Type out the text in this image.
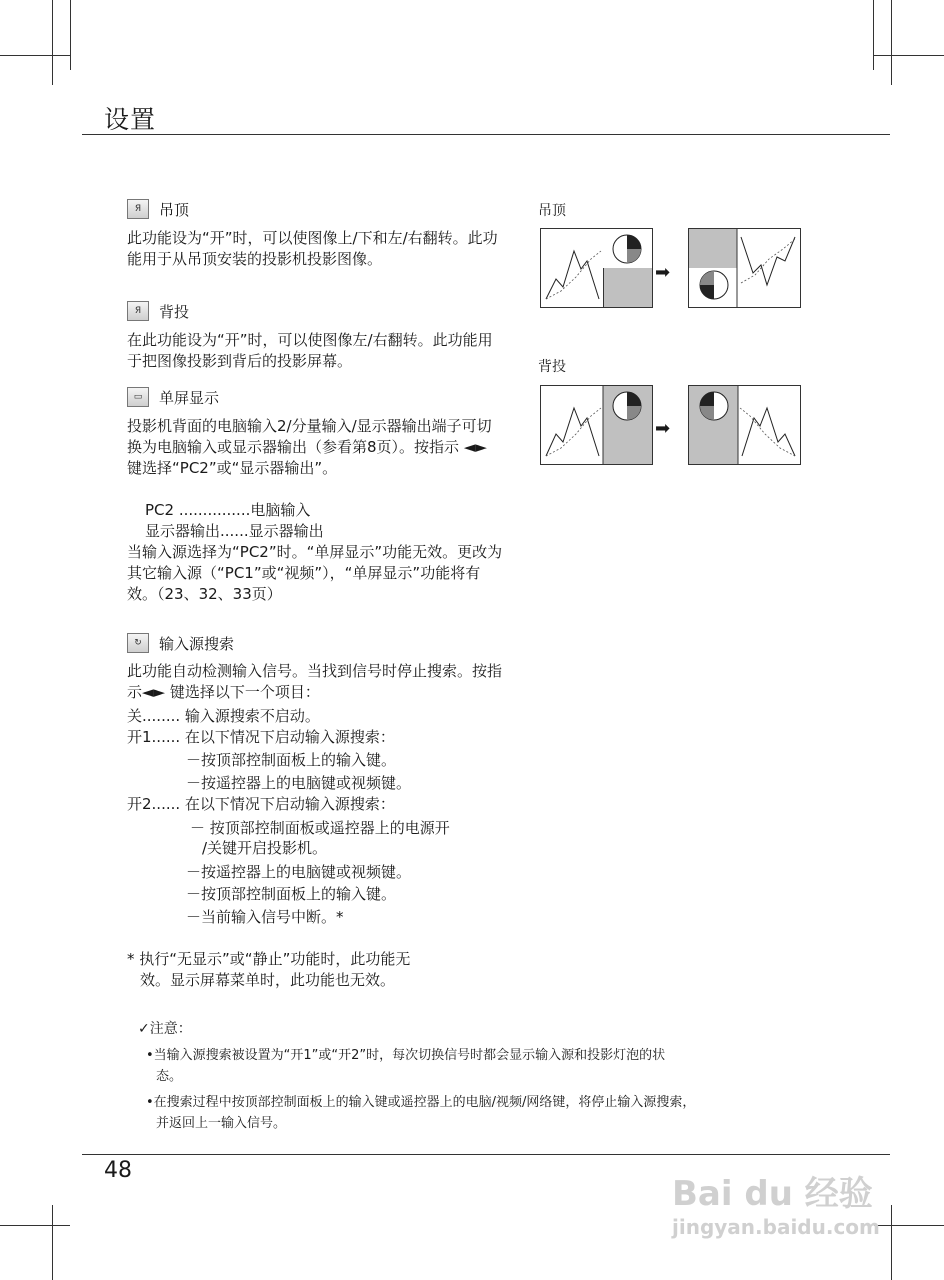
设置
Я	吊顶

此功能设为“开”时，可以使图像上/下和左/右翻转。此功能用于从吊顶安装的投影机投影图像。

Я	背投

在此功能设为“开”时，可以使图像左/右翻转。此功能用于把图像投影到背后的投影屏幕。

▭	单屏显示

投影机背面的电脑输入2/分量输入/显示器输出端子可切换为电脑输入或显示器输出（参看第8页）。按指示 ◄► 键选择“PC2”或“显示器输出”。

PC2 ...............电脑输入
显示器输出......显示器输出

当输入源选择为“PC2”时。“单屏显示”功能无效。更改为其它输入源（“PC1”或“视频”），“单屏显示”功能将有效。（23、32、33页）

↻	输入源搜索

此功能自动检测输入信号。当找到信号时停止搜索。按指示◄► 键选择以下一个项目：

关........ 输入源搜索不启动。
开1...... 在以下情况下启动输入源搜索：
－按顶部控制面板上的输入键。
－按遥控器上的电脑键或视频键。
开2...... 在以下情况下启动输入源搜索：
－ 按顶部控制面板或遥控器上的电源开
/关键开启投影机。
－按遥控器上的电脑键或视频键。
－按顶部控制面板上的输入键。
－当前输入信号中断。*
* 执行“无显示”或“静止”功能时，此功能无
效。显示屏幕菜单时，此功能也无效。
吊顶
背投
➡
➡
✓注意：
•当输入源搜索被设置为“开1”或“开2”时，每次切换信号时都会显示输入源和投影灯泡的状
态。
•在搜索过程中按顶部控制面板上的输入键或遥控器上的电脑/视频/网络键，将停止输入源搜索，
并返回上一输入信号。
48
Bai du 经验
jingyan.baidu.com
